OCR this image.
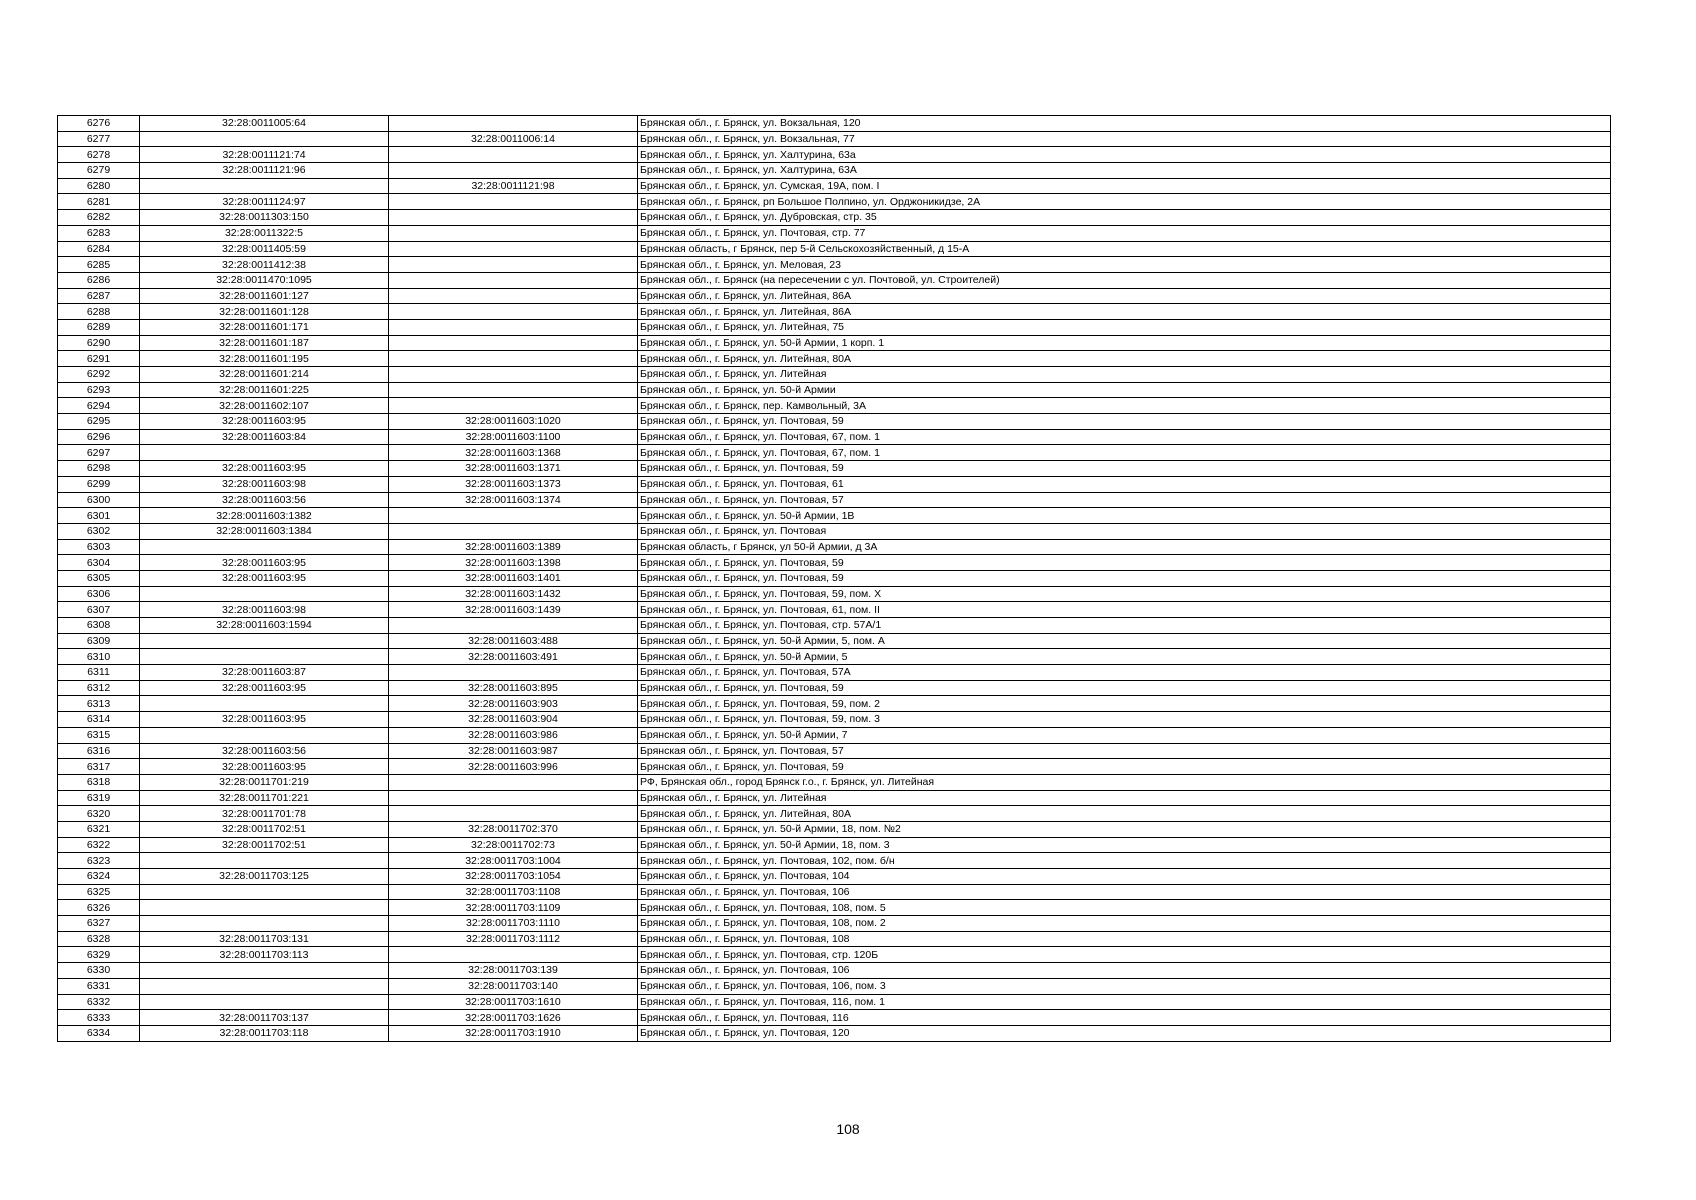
6276	32:28:0011005:64		Брянская обл., г. Брянск, ул. Вокзальная, 120
6277		32:28:0011006:14	Брянская обл., г. Брянск, ул. Вокзальная, 77
6278	32:28:0011121:74		Брянская обл., г. Брянск, ул. Халтурина, 63а
6279	32:28:0011121:96		Брянская обл., г. Брянск, ул. Халтурина, 63А
6280		32:28:0011121:98	Брянская обл., г. Брянск, ул. Сумская, 19А, пом. I
6281	32:28:0011124:97		Брянская обл., г. Брянск, рп Большое Полпино, ул. Орджоникидзе, 2А
6282	32:28:0011303:150		Брянская обл., г. Брянск, ул. Дубровская, стр. 35
6283	32:28:0011322:5		Брянская обл., г. Брянск, ул. Почтовая, стр. 77
6284	32:28:0011405:59		Брянская область, г Брянск, пер 5-й Сельскохозяйственный, д 15-А
6285	32:28:0011412:38		Брянская обл., г. Брянск, ул. Меловая, 23
6286	32:28:0011470:1095		Брянская обл., г. Брянск (на пересечении с ул. Почтовой, ул. Строителей)
6287	32:28:0011601:127		Брянская обл., г. Брянск, ул. Литейная, 86А
6288	32:28:0011601:128		Брянская обл., г. Брянск, ул. Литейная, 86А
6289	32:28:0011601:171		Брянская обл., г. Брянск, ул. Литейная, 75
6290	32:28:0011601:187		Брянская обл., г. Брянск, ул. 50-й Армии, 1 корп. 1
6291	32:28:0011601:195		Брянская обл., г. Брянск, ул. Литейная, 80А
6292	32:28:0011601:214		Брянская обл., г. Брянск, ул. Литейная
6293	32:28:0011601:225		Брянская обл., г. Брянск, ул. 50-й Армии
6294	32:28:0011602:107		Брянская обл., г. Брянск, пер. Камвольный, 3А
6295	32:28:0011603:95	32:28:0011603:1020	Брянская обл., г. Брянск, ул. Почтовая, 59
6296	32:28:0011603:84	32:28:0011603:1100	Брянская обл., г. Брянск, ул. Почтовая, 67, пом. 1
6297		32:28:0011603:1368	Брянская обл., г. Брянск, ул. Почтовая, 67, пом. 1
6298	32:28:0011603:95	32:28:0011603:1371	Брянская обл., г. Брянск, ул. Почтовая, 59
6299	32:28:0011603:98	32:28:0011603:1373	Брянская обл., г. Брянск, ул. Почтовая, 61
6300	32:28:0011603:56	32:28:0011603:1374	Брянская обл., г. Брянск, ул. Почтовая, 57
6301	32:28:0011603:1382		Брянская обл., г. Брянск, ул. 50-й Армии, 1В
6302	32:28:0011603:1384		Брянская обл., г. Брянск, ул. Почтовая
6303		32:28:0011603:1389	Брянская область, г Брянск, ул 50-й Армии, д 3А
6304	32:28:0011603:95	32:28:0011603:1398	Брянская обл., г. Брянск, ул. Почтовая, 59
6305	32:28:0011603:95	32:28:0011603:1401	Брянская обл., г. Брянск, ул. Почтовая, 59
6306		32:28:0011603:1432	Брянская обл., г. Брянск, ул. Почтовая, 59, пом. X
6307	32:28:0011603:98	32:28:0011603:1439	Брянская обл., г. Брянск, ул. Почтовая, 61, пом. II
6308	32:28:0011603:1594		Брянская обл., г. Брянск, ул. Почтовая, стр. 57А/1
6309		32:28:0011603:488	Брянская обл., г. Брянск, ул. 50-й Армии, 5, пом. А
6310		32:28:0011603:491	Брянская обл., г. Брянск, ул. 50-й Армии, 5
6311	32:28:0011603:87		Брянская обл., г. Брянск, ул. Почтовая, 57А
6312	32:28:0011603:95	32:28:0011603:895	Брянская обл., г. Брянск, ул. Почтовая, 59
6313		32:28:0011603:903	Брянская обл., г. Брянск, ул. Почтовая, 59, пом. 2
6314	32:28:0011603:95	32:28:0011603:904	Брянская обл., г. Брянск, ул. Почтовая, 59, пом. 3
6315		32:28:0011603:986	Брянская обл., г. Брянск, ул. 50-й Армии, 7
6316	32:28:0011603:56	32:28:0011603:987	Брянская обл., г. Брянск, ул. Почтовая, 57
6317	32:28:0011603:95	32:28:0011603:996	Брянская обл., г. Брянск, ул. Почтовая, 59
6318	32:28:0011701:219		РФ, Брянская обл., город Брянск г.о., г. Брянск, ул. Литейная
6319	32:28:0011701:221		Брянская обл., г. Брянск, ул. Литейная
6320	32:28:0011701:78		Брянская обл., г. Брянск, ул. Литейная, 80А
6321	32:28:0011702:51	32:28:0011702:370	Брянская обл., г. Брянск, ул. 50-й Армии, 18, пом. №2
6322	32:28:0011702:51	32:28:0011702:73	Брянская обл., г. Брянск, ул. 50-й Армии, 18, пом. 3
6323		32:28:0011703:1004	Брянская обл., г. Брянск, ул. Почтовая, 102, пом. б/н
6324	32:28:0011703:125	32:28:0011703:1054	Брянская обл., г. Брянск, ул. Почтовая, 104
6325		32:28:0011703:1108	Брянская обл., г. Брянск, ул. Почтовая, 106
6326		32:28:0011703:1109	Брянская обл., г. Брянск, ул. Почтовая, 108, пом. 5
6327		32:28:0011703:1110	Брянская обл., г. Брянск, ул. Почтовая, 108, пом. 2
6328	32:28:0011703:131	32:28:0011703:1112	Брянская обл., г. Брянск, ул. Почтовая, 108
6329	32:28:0011703:113		Брянская обл., г. Брянск, ул. Почтовая, стр. 120Б
6330		32:28:0011703:139	Брянская обл., г. Брянск, ул. Почтовая, 106
6331		32:28:0011703:140	Брянская обл., г. Брянск, ул. Почтовая, 106, пом. 3
6332		32:28:0011703:1610	Брянская обл., г. Брянск, ул. Почтовая, 116, пом. 1
6333	32:28:0011703:137	32:28:0011703:1626	Брянская обл., г. Брянск, ул. Почтовая, 116
6334	32:28:0011703:118	32:28:0011703:1910	Брянская обл., г. Брянск, ул. Почтовая, 120
108
